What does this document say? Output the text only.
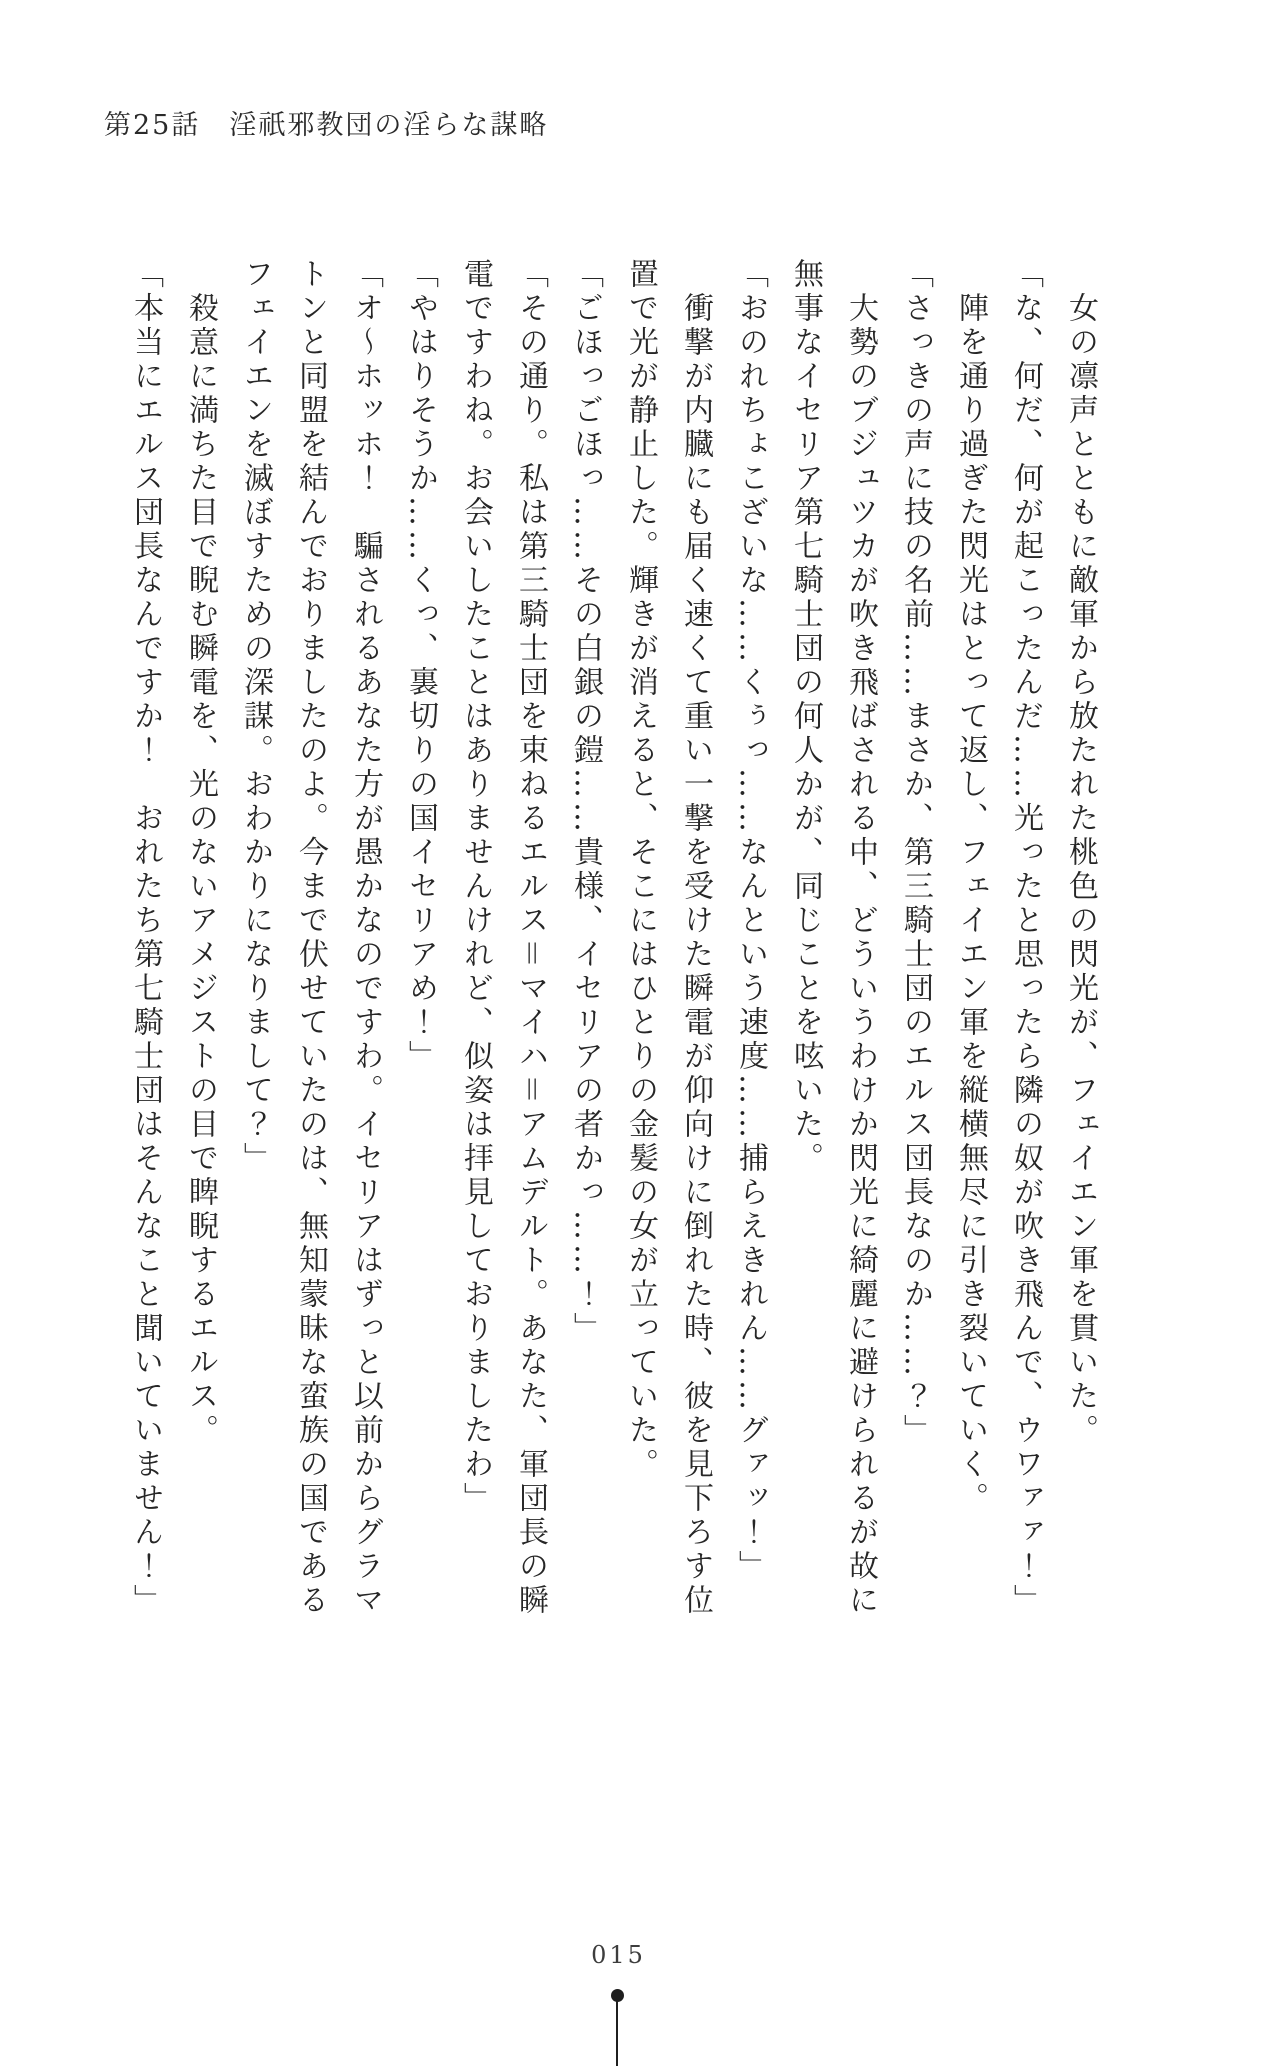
第25話　淫祇邪教団の淫らな謀略

　女の凛声とともに敵軍から放たれた桃色の閃光が、フェイエン軍を貫いた。

「な、何だ、何が起こったんだ……光ったと思ったら隣の奴が吹き飛んで、ウワァァ！」

　陣を通り過ぎた閃光はとって返し、フェイエン軍を縦横無尽に引き裂いていく。

「さっきの声に技の名前……まさか、第三騎士団のエルス団長なのか……？」

　大勢のブジュツカが吹き飛ばされる中、どういうわけか閃光に綺麗に避けられるが故に

無事なイセリア第七騎士団の何人かが、同じことを呟いた。

「おのれちょこざいな……くぅっ……なんという速度……捕らえきれん……グァッ！」

　衝撃が内臓にも届く速くて重い一撃を受けた瞬電が仰向けに倒れた時、彼を見下ろす位

置で光が静止した。輝きが消えると、そこにはひとりの金髪の女が立っていた。

「ごほっごほっ……その白銀の鎧……貴様、イセリアの者かっ……！」

「その通り。私は第三騎士団を束ねるエルス＝マイハ＝アムデルト。あなた、軍団長の瞬

電ですわね。お会いしたことはありませんけれど、似姿は拝見しておりましたわ」

「やはりそうか……くっ、裏切りの国イセリアめ！」

「オ〜ホッホ！　騙されるあなた方が愚かなのですわ。イセリアはずっと以前からグラマ

トンと同盟を結んでおりましたのよ。今まで伏せていたのは、無知蒙昧な蛮族の国である

フェイエンを滅ぼすための深謀。おわかりになりまして？」

　殺意に満ちた目で睨む瞬電を、光のないアメジストの目で睥睨するエルス。

「本当にエルス団長なんですか！　おれたち第七騎士団はそんなこと聞いていません！」

015
